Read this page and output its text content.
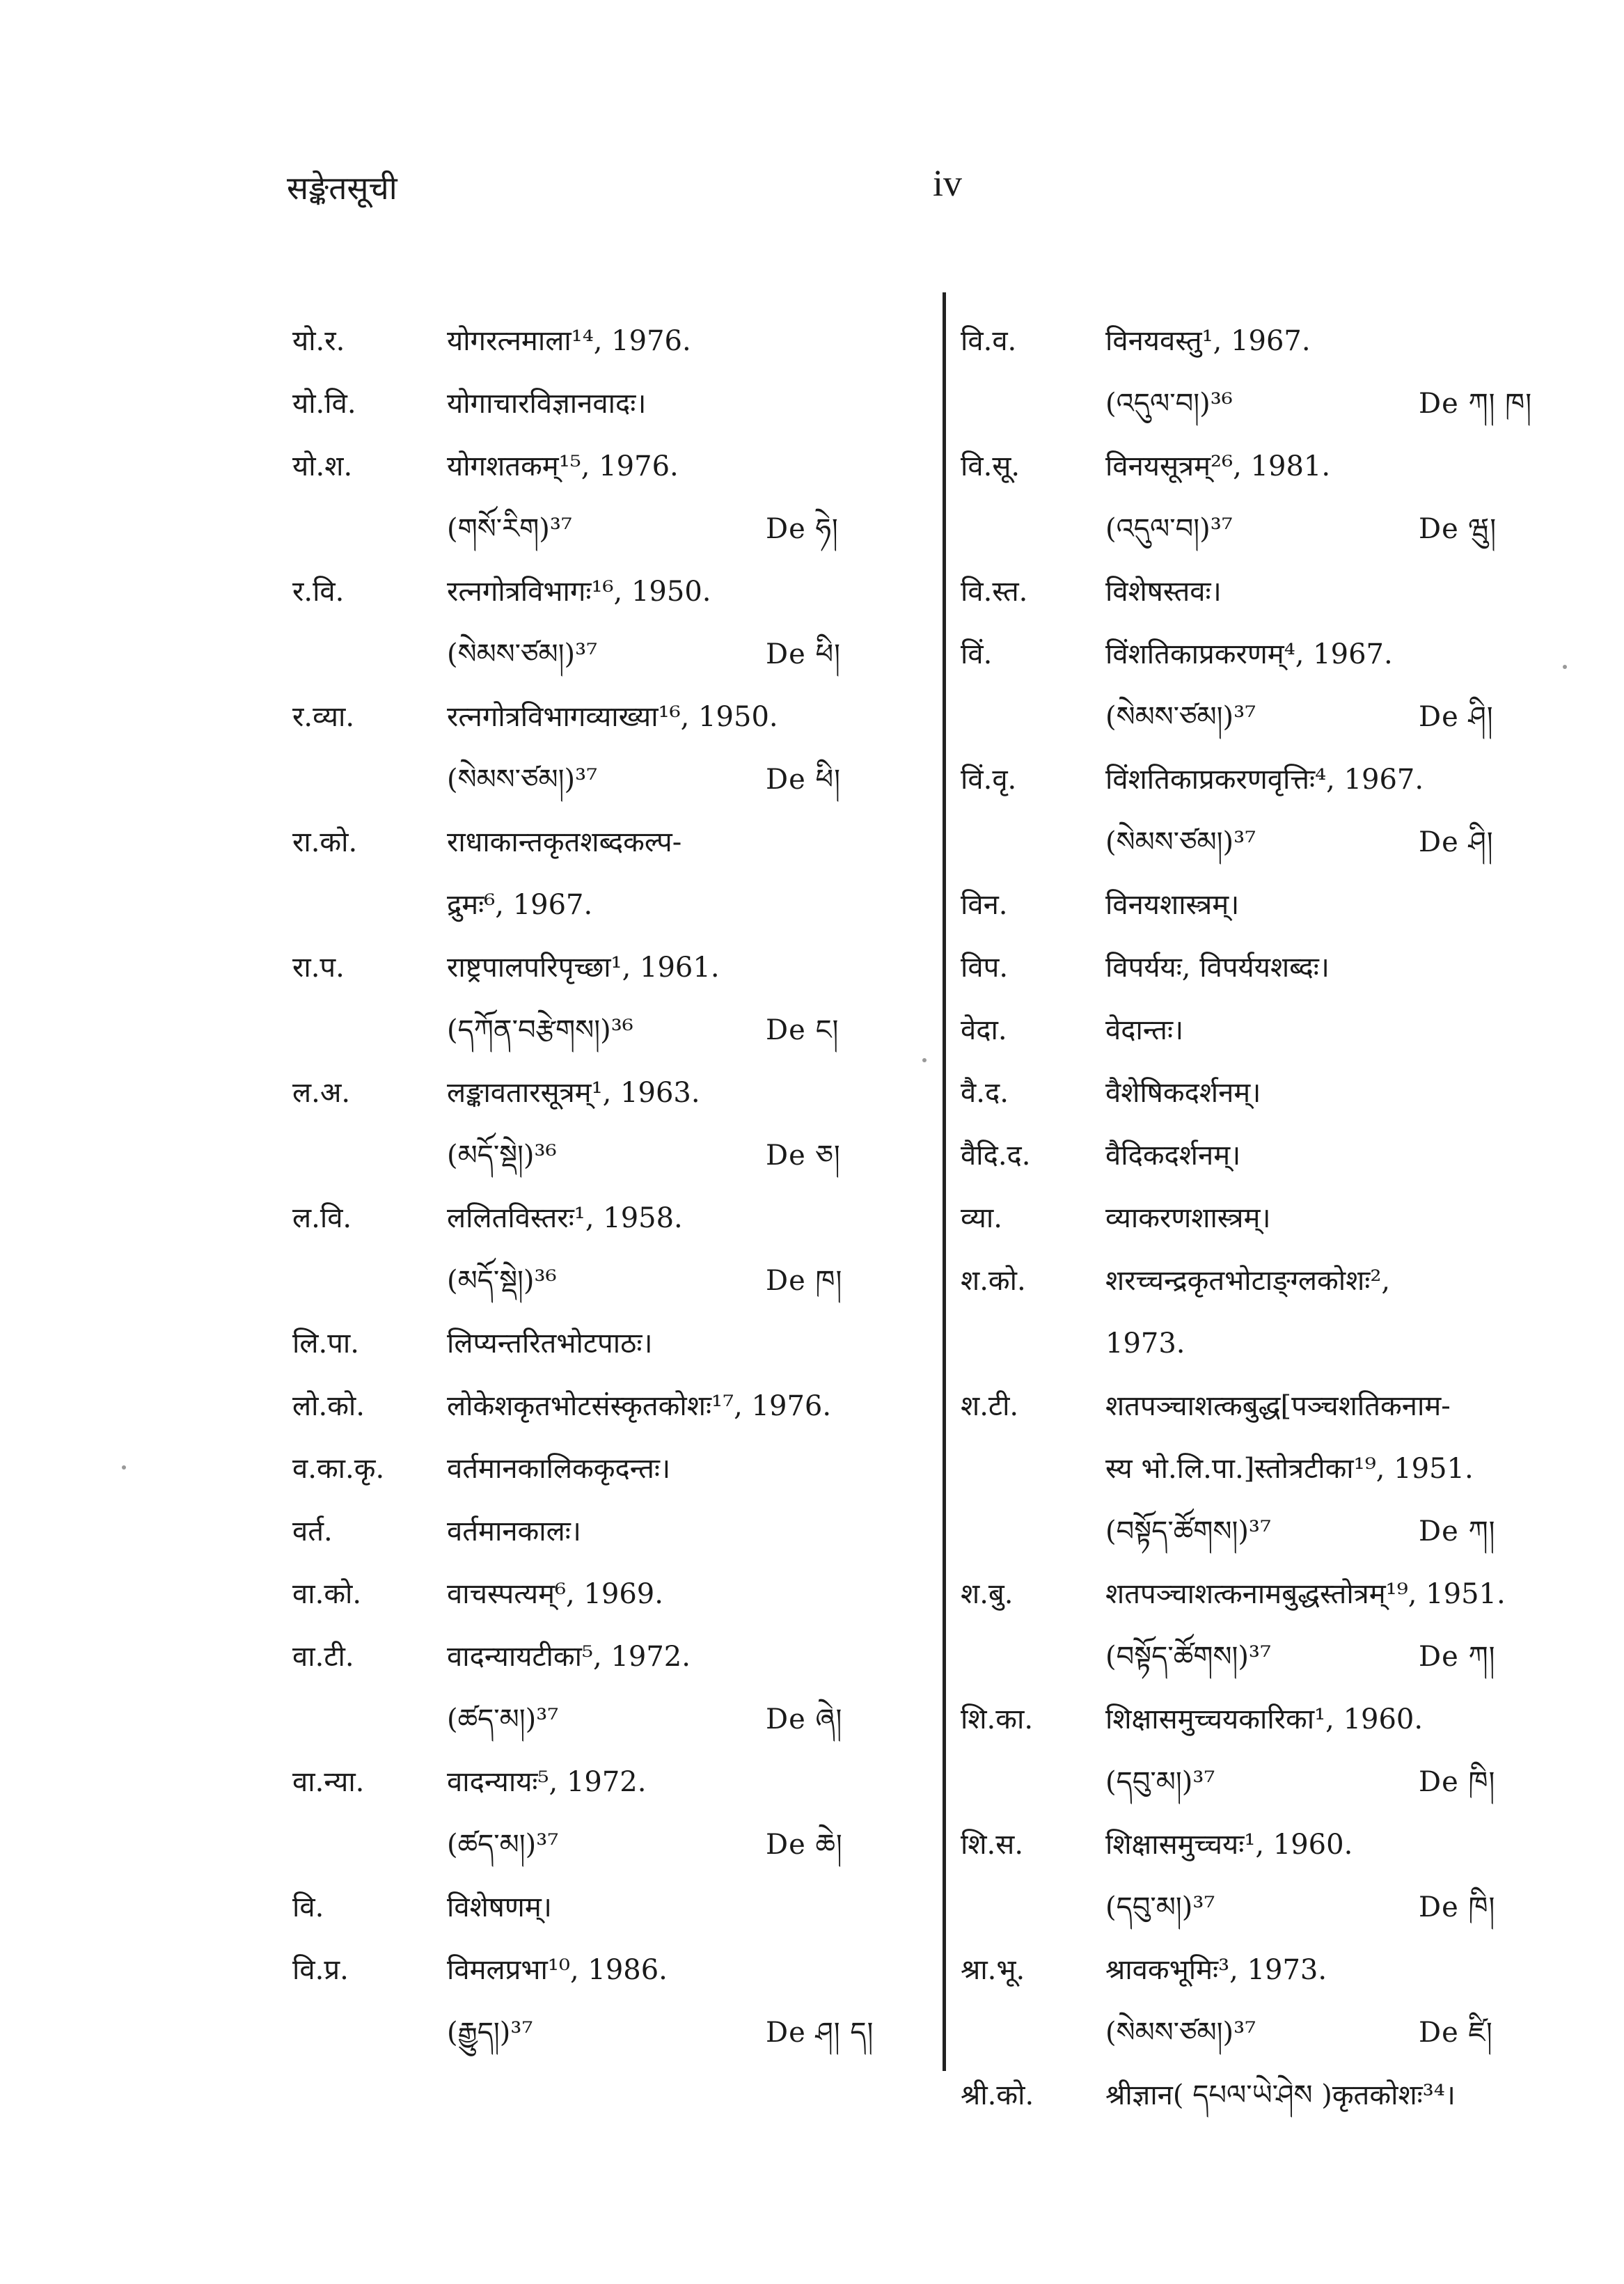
सङ्केतसूची	iv
यो.र.	योगरत्नमाला¹⁴, 1976.
यो.वि.	योगाचारविज्ञानवादः।
यो.श.	योगशतकम्¹⁵, 1976.
(གསོ་རིག)³⁷	De ཧེ།
र.वि.	रत्नगोत्रविभागः¹⁶, 1950.
(སེམས་ཙམ།)³⁷	De ཕི།
र.व्या.	रत्नगोत्रविभागव्याख्या¹⁶, 1950.
(སེམས་ཙམ།)³⁷	De ཕི།
रा.को.	राधाकान्तकृतशब्दकल्प-
द्रुमः⁶, 1967.
रा.प.	राष्ट्रपालपरिपृच्छा¹, 1961.
(དཀོན་བརྩེགས།)³⁶	De ང།
ल.अ.	लङ्कावतारसूत्रम्¹, 1963.
(མདོ་སྡེ།)³⁶	De ཅ།
ल.वि.	ललितविस्तरः¹, 1958.
(མདོ་སྡེ།)³⁶	De ཁ།
लि.पा.	लिप्यन्तरितभोटपाठः।
लो.को.	लोकेशकृतभोटसंस्कृतकोशः¹⁷, 1976.
व.का.कृ. वर्तमानकालिककृदन्तः।
वर्त.	वर्तमानकालः।
वा.को.	वाचस्पत्यम्⁶, 1969.
वा.टी.	वादन्यायटीका⁵, 1972.
(ཚད་མ།)³⁷	De ཞེ།
वा.न्या.	वादन्यायः⁵, 1972.
(ཚད་མ།)³⁷	De ཆེ།
वि.	विशेषणम्।
वि.प्र.	विमलप्रभा¹⁰, 1986.
(རྒྱུད།)³⁷	De ཤ། ད།
वि.व.	विनयवस्तु¹, 1967.
(འདུལ་བ།)³⁶	De ཀ། ཁ།
वि.सू.	विनयसूत्रम्²⁶, 1981.
(འདུལ་བ།)³⁷	De ཝུ།
वि.स्त.	विशेषस्तवः।
विं.	विंशतिकाप्रकरणम्⁴, 1967.
(སེམས་ཙམ།)³⁷	De ཤི།
विं.वृ.	विंशतिकाप्रकरणवृत्तिः⁴, 1967.
(སེམས་ཙམ།)³⁷	De ཤི།
विन.	विनयशास्त्रम्।
विप.	विपर्ययः, विपर्ययशब्दः।
वेदा.	वेदान्तः।
वै.द.	वैशेषिकदर्शनम्।
वैदि.द.	वैदिकदर्शनम्।
व्या.	व्याकरणशास्त्रम्।
श.को.	शरच्चन्द्रकृतभोटाङ्ग्लकोशः²,
1973.
श.टी.	शतपञ्चाशत्कबुद्ध[पञ्चशतिकनाम-
स्य भो.लि.पा.]स्तोत्रटीका¹⁹, 1951.
(བསྟོད་ཚོགས།)³⁷	De ཀ།
श.बु.	शतपञ्चाशत्कनामबुद्धस्तोत्रम्¹⁹, 1951.
(བསྟོད་ཚོགས།)³⁷	De ཀ།
शि.का.	शिक्षासमुच्चयकारिका¹, 1960.
(དབུ་མ།)³⁷	De ཁི།
शि.स.	शिक्षासमुच्चयः¹, 1960.
(དབུ་མ།)³⁷	De ཁི།
श्रा.भू.	श्रावकभूमिः³, 1973.
(སེམས་ཙམ།)³⁷	De ཛི།
श्री.को.	श्रीज्ञान( དཔལ་ཡེ་ཤེས )कृतकोशः³⁴।
